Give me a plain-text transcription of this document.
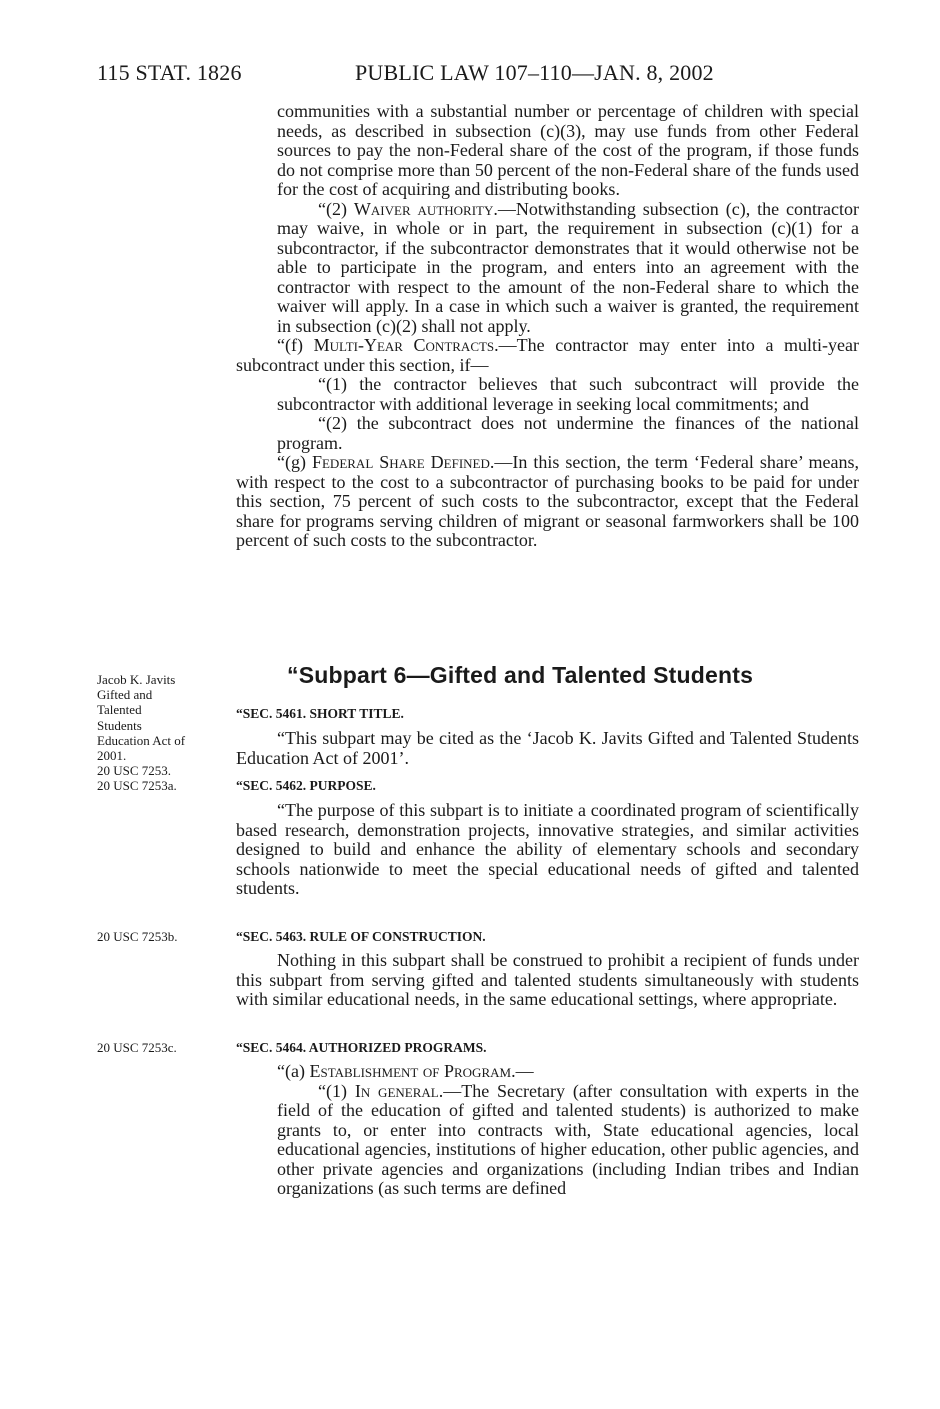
115 STAT. 1826	PUBLIC LAW 107–110—JAN. 8, 2002

communities with a substantial number or percentage of children with special needs, as described in subsection (c)(3), may use funds from other Federal sources to pay the non-Federal share of the cost of the program, if those funds do not comprise more than 50 percent of the non-Federal share of the funds used for the cost of acquiring and distributing books.

“(2) Waiver authority.—Notwithstanding subsection (c), the contractor may waive, in whole or in part, the requirement in subsection (c)(1) for a subcontractor, if the subcontractor demonstrates that it would otherwise not be able to participate in the program, and enters into an agreement with the contractor with respect to the amount of the non-Federal share to which the waiver will apply. In a case in which such a waiver is granted, the requirement in subsection (c)(2) shall not apply.

“(f) Multi-Year Contracts.—The contractor may enter into a multi-year subcontract under this section, if—

“(1) the contractor believes that such subcontract will provide the subcontractor with additional leverage in seeking local commitments; and

“(2) the subcontract does not undermine the finances of the national program.

“(g) Federal Share Defined.—In this section, the term ‘Federal share’ means, with respect to the cost to a subcontractor of purchasing books to be paid for under this section, 75 percent of such costs to the subcontractor, except that the Federal share for programs serving children of migrant or seasonal farmworkers shall be 100 percent of such costs to the subcontractor.

Jacob K. Javits
Gifted and
Talented
Students
Education Act of
2001.
20 USC 7253.
20 USC 7253a.
“Subpart 6—Gifted and Talented Students
“SEC. 5461. SHORT TITLE.

“This subpart may be cited as the ‘Jacob K. Javits Gifted and Talented Students Education Act of 2001’.

“SEC. 5462. PURPOSE.

“The purpose of this subpart is to initiate a coordinated program of scientifically based research, demonstration projects, innovative strategies, and similar activities designed to build and enhance the ability of elementary schools and secondary schools nationwide to meet the special educational needs of gifted and talented students.

20 USC 7253b.	“SEC. 5463. RULE OF CONSTRUCTION.

Nothing in this subpart shall be construed to prohibit a recipient of funds under this subpart from serving gifted and talented students simultaneously with students with similar educational needs, in the same educational settings, where appropriate.

20 USC 7253c.	“SEC. 5464. AUTHORIZED PROGRAMS.

“(a) Establishment of Program.—

“(1) In general.—The Secretary (after consultation with experts in the field of the education of gifted and talented students) is authorized to make grants to, or enter into contracts with, State educational agencies, local educational agencies, institutions of higher education, other public agencies, and other private agencies and organizations (including Indian tribes and Indian organizations (as such terms are defined
